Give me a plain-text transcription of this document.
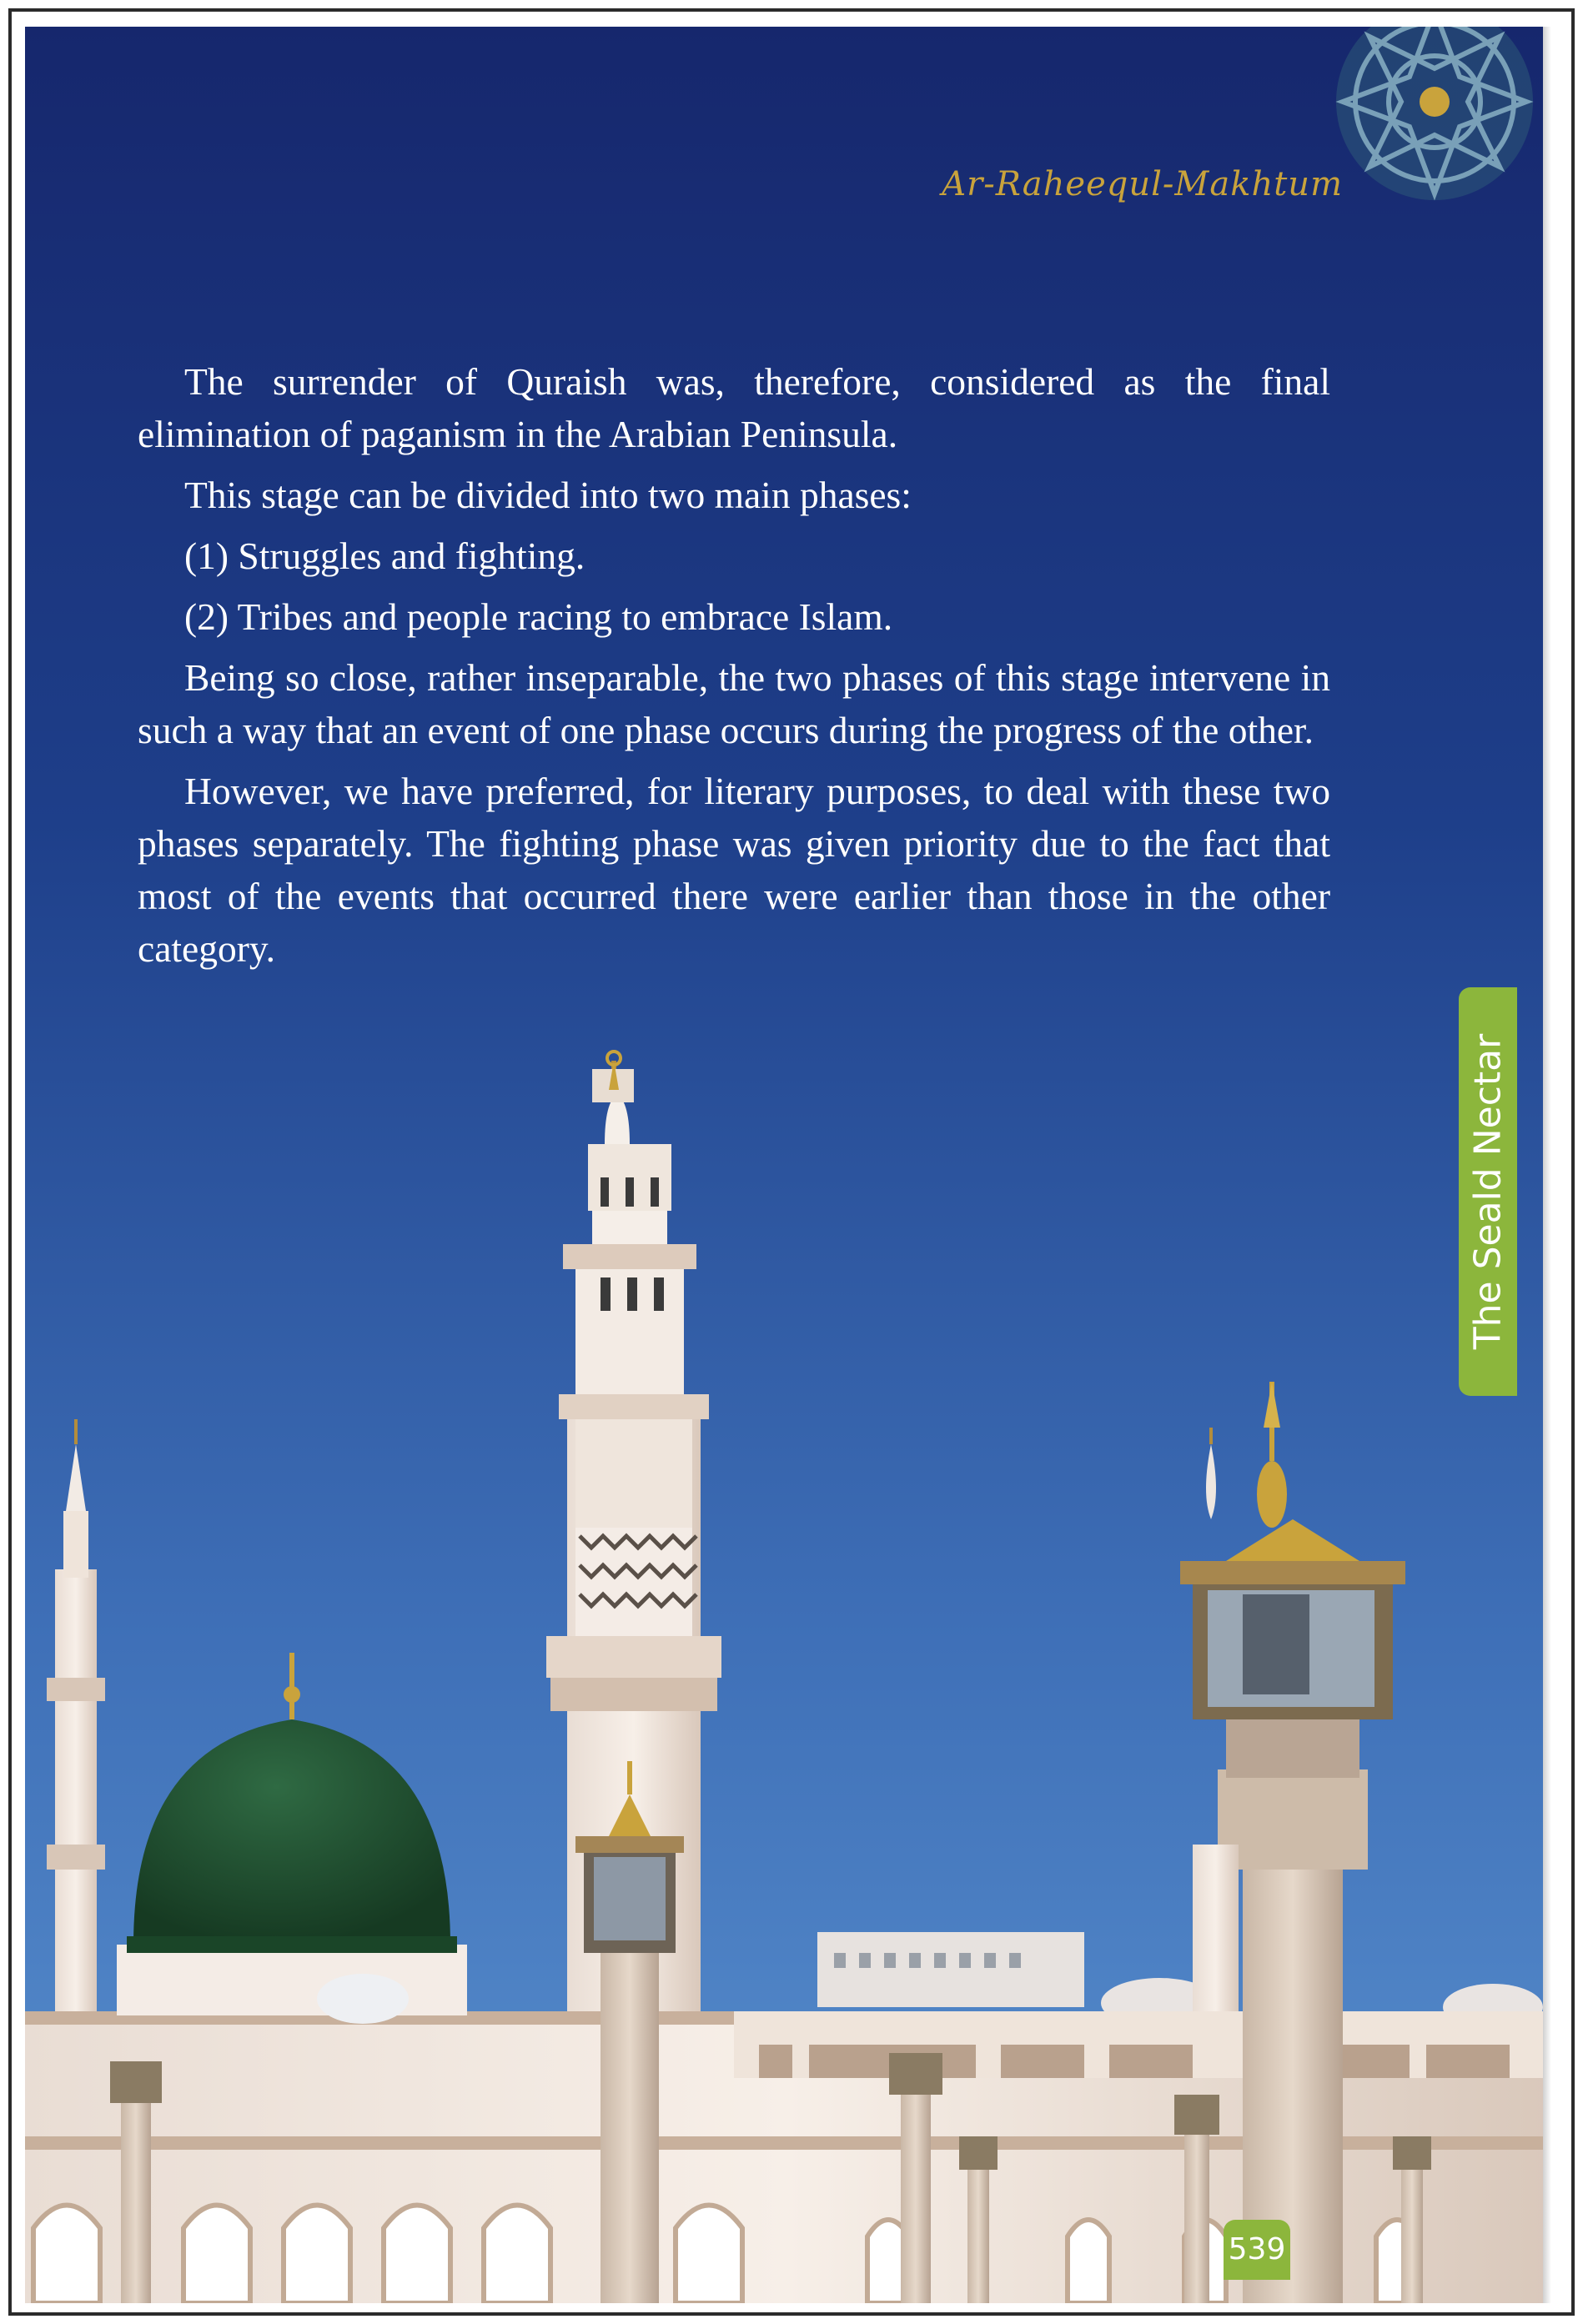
Ar-Raheequl-Makhtum

The surrender of Quraish was, therefore, considered as the final elimination of paganism in the Arabian Peninsula.

This stage can be divided into two main phases:

(1) Struggles and fighting.

(2) Tribes and people racing to embrace Islam.

Being so close, rather inseparable, the two phases of this stage intervene in such a way that an event of one phase occurs during the progress of the other.

However, we have preferred, for literary purposes, to deal with these two phases separately. The fighting phase was given priority due to the fact that most of the events that occurred there were earlier than those in the other category.

The Seald Nectar
539
